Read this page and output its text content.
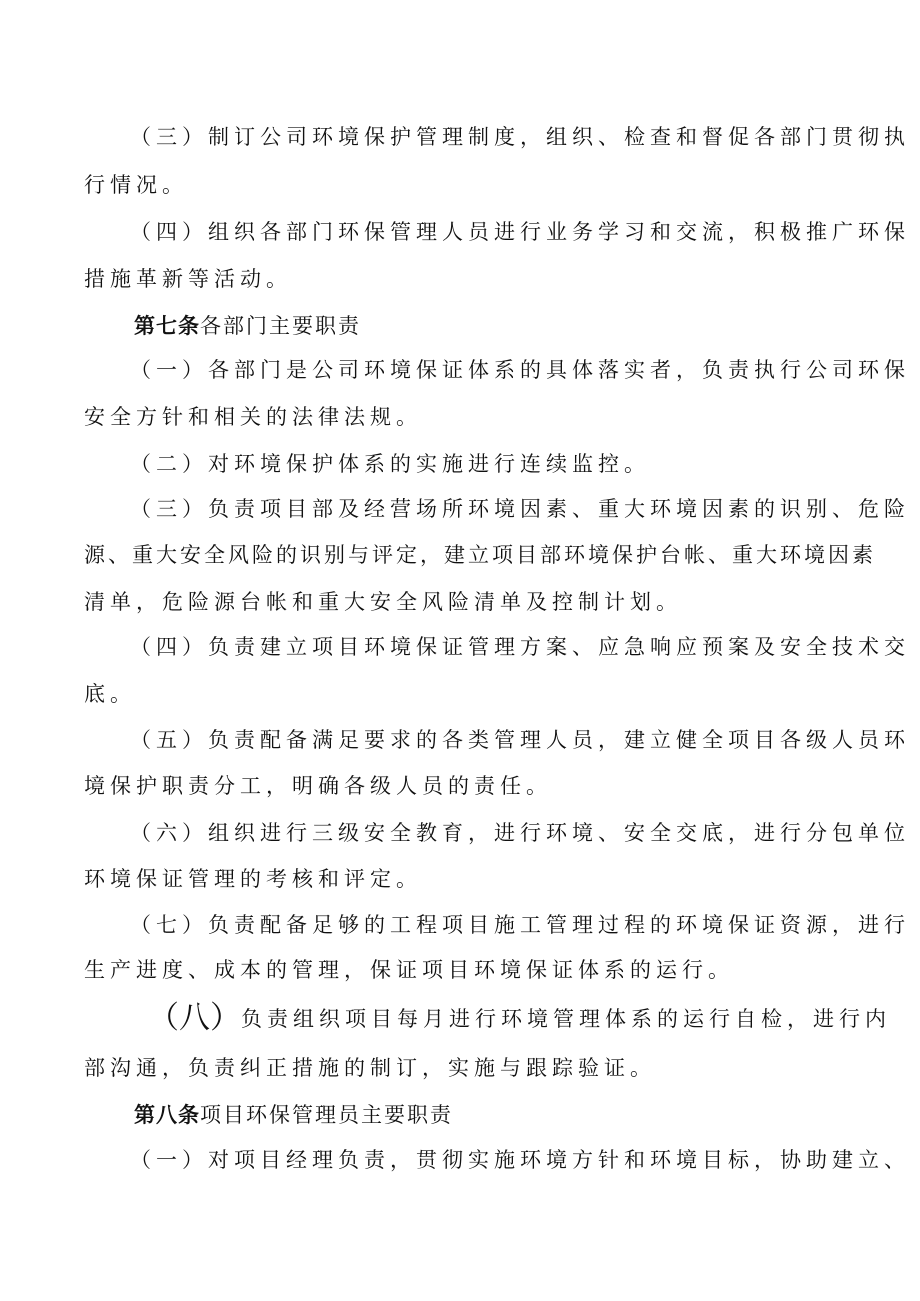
（三）制订公司环境保护管理制度，组织、检查和督促各部门贯彻执
行情况。
（四）组织各部门环保管理人员进行业务学习和交流，积极推广环保
措施革新等活动。
第七条各部门主要职责
（一）各部门是公司环境保证体系的具体落实者，负责执行公司环保
安全方针和相关的法律法规。
（二）对环境保护体系的实施进行连续监控。
（三）负责项目部及经营场所环境因素、重大环境因素的识别、危险
源、重大安全风险的识别与评定，建立项目部环境保护台帐、重大环境因素
清单，危险源台帐和重大安全风险清单及控制计划。
（四）负责建立项目环境保证管理方案、应急响应预案及安全技术交
底。
（五）负责配备满足要求的各类管理人员，建立健全项目各级人员环
境保护职责分工，明确各级人员的责任。
（六）组织进行三级安全教育，进行环境、安全交底，进行分包单位
环境保证管理的考核和评定。
（七）负责配备足够的工程项目施工管理过程的环境保证资源，进行
生产进度、成本的管理，保证项目环境保证体系的运行。
（八）负责组织项目每月进行环境管理体系的运行自检，进行内
部沟通，负责纠正措施的制订，实施与跟踪验证。
第八条项目环保管理员主要职责
（一）对项目经理负责，贯彻实施环境方针和环境目标，协助建立、
